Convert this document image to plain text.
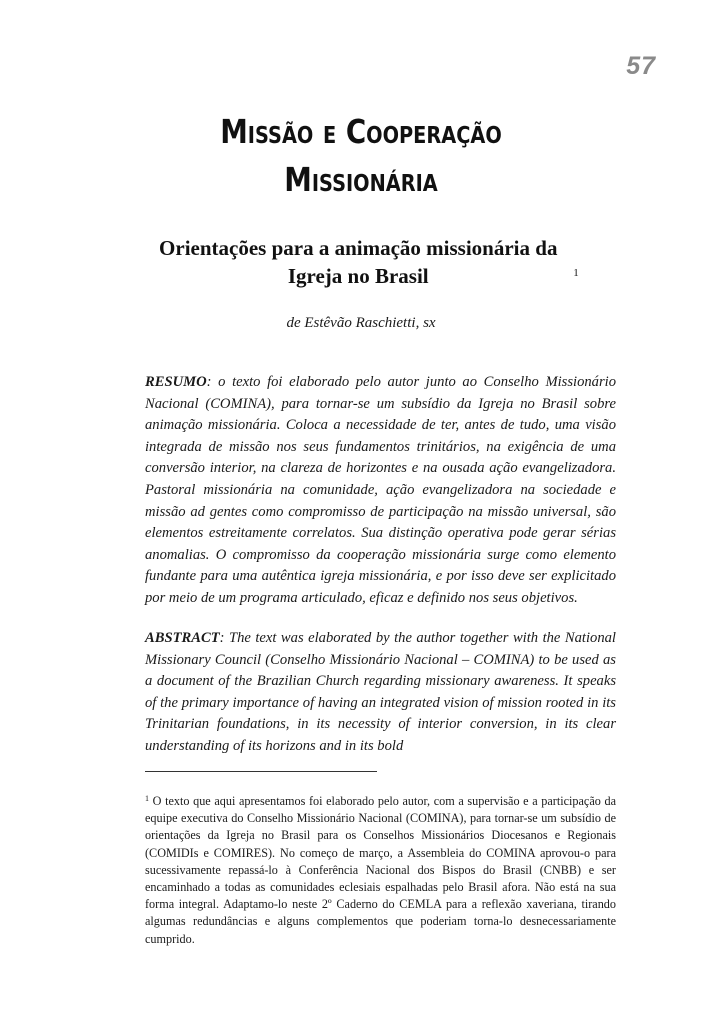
57
Missão e Cooperação Missionária
Orientações para a animação missionária da Igreja no Brasil	$^1$
de Estêvão Raschietti, sx

RESUMO: o texto foi elaborado pelo autor junto ao Conselho Missionário Nacional (COMINA), para tornar-se um subsídio da Igreja no Brasil sobre animação missionária. Coloca a necessidade de ter, antes de tudo, uma visão integrada de missão nos seus fundamentos trinitários, na exigência de uma conversão interior, na clareza de horizontes e na ousada ação evangelizadora. Pastoral missionária na comunidade, ação evangelizadora na sociedade e missão ad gentes como compromisso de participação na missão universal, são elementos estreitamente correlatos. Sua distinção operativa pode gerar sérias anomalias. O compromisso da cooperação missionária surge como elemento fundante para uma autêntica igreja missionária, e por isso deve ser explicitado por meio de um programa articulado, eficaz e definido nos seus objetivos.

ABSTRACT: The text was elaborated by the author together with the National Missionary Council (Conselho Missionário Nacional – COMINA) to be used as a document of the Brazilian Church regarding missionary awareness. It speaks of the primary importance of having an integrated vision of mission rooted in its Trinitarian foundations, in its necessity of interior conversion, in its clear understanding of its horizons and in its bold

$^1$ O texto que aqui apresentamos foi elaborado pelo autor, com a supervisão e a participação da equipe executiva do Conselho Missionário Nacional (COMINA), para tornar-se um subsídio de orientações da Igreja no Brasil para os Conselhos Missionários Diocesanos e Regionais (COMIDIs e COMIRES). No começo de março, a Assembleia do COMINA aprovou-o para sucessivamente repassá-lo à Conferência Nacional dos Bispos do Brasil (CNBB) e ser encaminhado a todas as comunidades eclesiais espalhadas pelo Brasil afora. Não está na sua forma integral. Adaptamo-lo neste 2º Caderno do CEMLA para a reflexão xaveriana, tirando algumas redundâncias e alguns complementos que poderiam torna-lo desnecessariamente cumprido.
